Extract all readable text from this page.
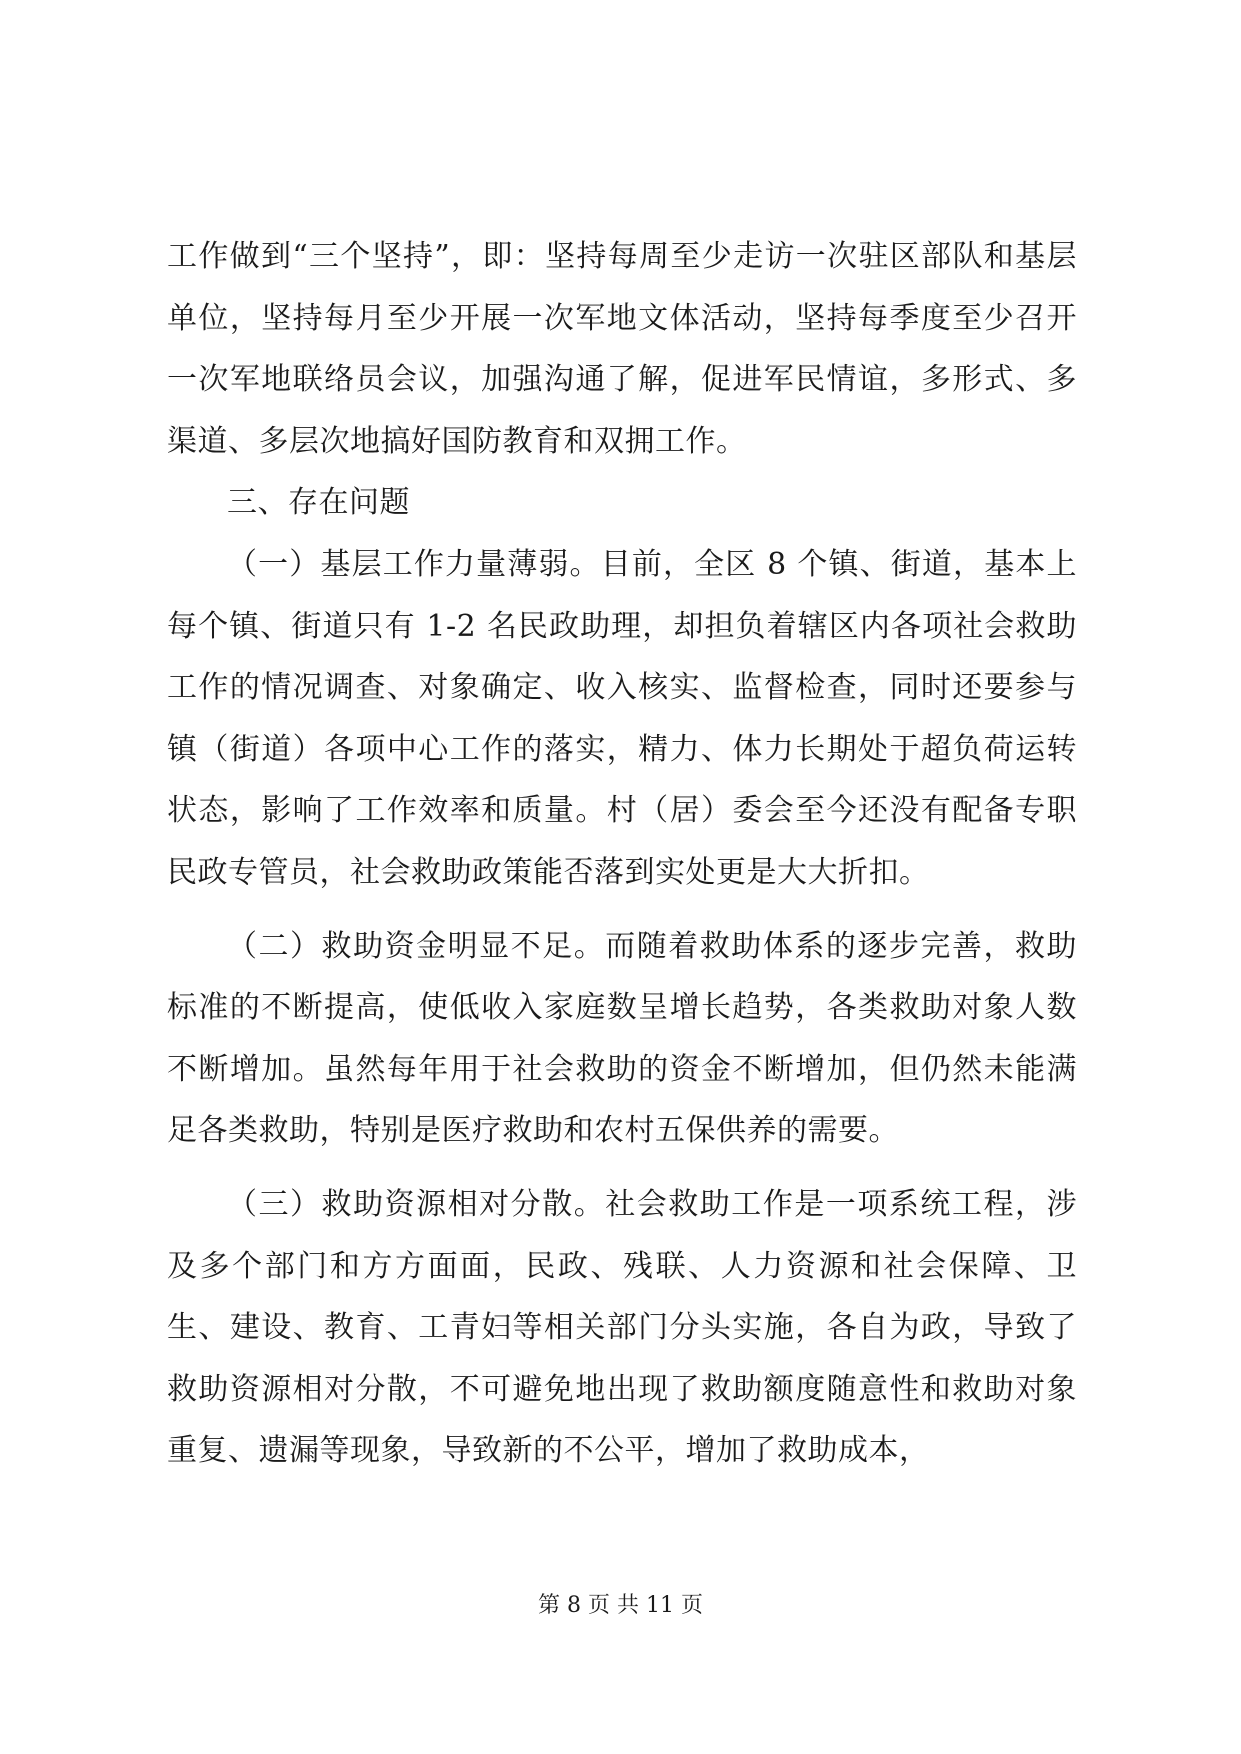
工作做到“三个坚持”，即：坚持每周至少走访一次驻区部队和基层单位，坚持每月至少开展一次军地文体活动，坚持每季度至少召开一次军地联络员会议，加强沟通了解，促进军民情谊，多形式、多渠道、多层次地搞好国防教育和双拥工作。

三、存在问题

（一）基层工作力量薄弱。目前，全区 8 个镇、街道，基本上每个镇、街道只有 1-2 名民政助理，却担负着辖区内各项社会救助工作的情况调查、对象确定、收入核实、监督检查，同时还要参与镇（街道）各项中心工作的落实，精力、体力长期处于超负荷运转状态，影响了工作效率和质量。村（居）委会至今还没有配备专职民政专管员，社会救助政策能否落到实处更是大大折扣。

（二）救助资金明显不足。而随着救助体系的逐步完善，救助标准的不断提高，使低收入家庭数呈增长趋势，各类救助对象人数不断增加。虽然每年用于社会救助的资金不断增加，但仍然未能满足各类救助，特别是医疗救助和农村五保供养的需要。

（三）救助资源相对分散。社会救助工作是一项系统工程，涉及多个部门和方方面面，民政、残联、人力资源和社会保障、卫生、建设、教育、工青妇等相关部门分头实施，各自为政，导致了救助资源相对分散，不可避免地出现了救助额度随意性和救助对象重复、遗漏等现象，导致新的不公平，增加了救助成本，

第 8 页 共 11 页
